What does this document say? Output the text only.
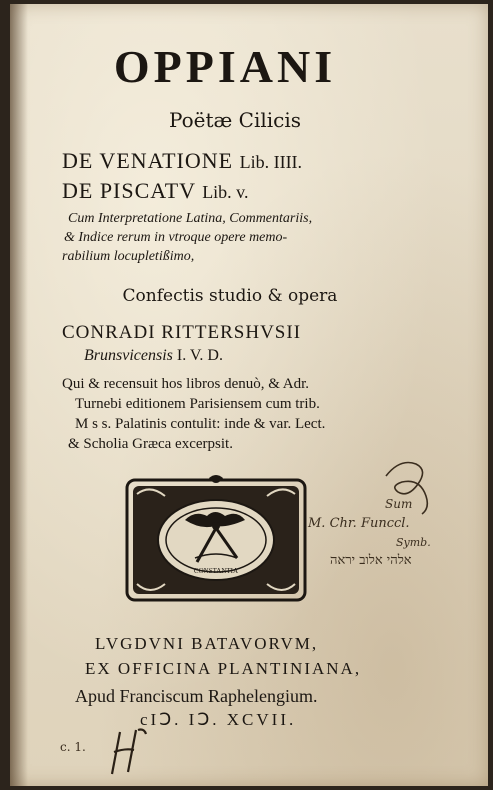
OPPIANI
Poëtæ Cilicis
DE VENATIONE Lib. IIII.
DE PISCATV Lib. v.
Cum Interpretatione Latina, Commentariis,
& Indice rerum in vtroque opere memo-
rabilium locupletißimo,
Confectis studio & opera
CONRADI RITTERSHVSII
Brunsvicensis I. V. D.
Qui & recensuit hos libros denuò, & Adr.
Turnebi editionem Parisiensem cum trib.
M s s. Palatinis contulit: inde & var. Lect.
& Scholia Græca excerpsit.
CONSTANTIA
Sum
M. Chr. Funccl.
Symb.
אלהי אלוב יראה
LVGDVNI BATAVORVM,
EX OFFICINA PLANTINIANA,
Apud Franciscum Raphelengium.
cIↃ. IↃ. XCVII.
c. 1.
